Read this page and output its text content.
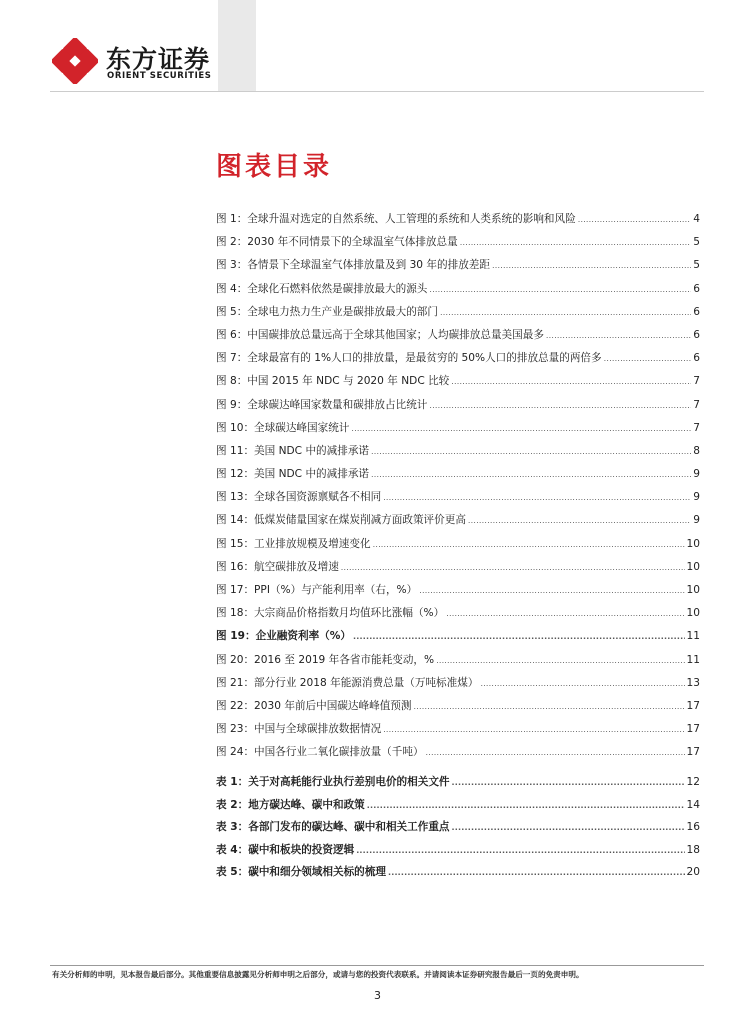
东方证券
ORIENT SECURITIES
图表目录
图 1：全球升温对选定的自然系统、人工管理的系统和人类系统的影响和风险 .....	4
图 2：2030 年不同情景下的全球温室气体排放总量 .....	5
图 3：各情景下全球温室气体排放量及到 30 年的排放差距 .....	5
图 4：全球化石燃料依然是碳排放最大的源头 .....	6
图 5：全球电力热力生产业是碳排放最大的部门 .....	6
图 6：中国碳排放总量远高于全球其他国家；人均碳排放总量美国最多 .....	6
图 7：全球最富有的 1%人口的排放量，是最贫穷的 50%人口的排放总量的两倍多 .....	6
图 8：中国 2015 年 NDC 与 2020 年 NDC 比较 .....	7
图 9：全球碳达峰国家数量和碳排放占比统计 .....	7
图 10：全球碳达峰国家统计 .....	7
图 11：美国 NDC 中的减排承诺 .....	8
图 12：美国 NDC 中的减排承诺 .....	9
图 13：全球各国资源禀赋各不相同 .....	9
图 14：低煤炭储量国家在煤炭削减方面政策评价更高 .....	9
图 15：工业排放规模及增速变化 .....	10
图 16：航空碳排放及增速 .....	10
图 17：PPI（%）与产能利用率（右，%） .....	10
图 18：大宗商品价格指数月均值环比涨幅（%） .....	10
图 19：企业融资利率（%） .....	11
图 20：2016 至 2019 年各省市能耗变动，% .....	11
图 21：部分行业 2018 年能源消费总量（万吨标准煤） .....	13
图 22：2030 年前后中国碳达峰峰值预测 .....	17
图 23：中国与全球碳排放数据情况 .....	17
图 24：中国各行业二氧化碳排放量（千吨） .....	17
表 1：关于对高耗能行业执行差别电价的相关文件 .....	12
表 2：地方碳达峰、碳中和政策 .....	14
表 3：各部门发布的碳达峰、碳中和相关工作重点 .....	16
表 4：碳中和板块的投资逻辑 .....	18
表 5：碳中和细分领域相关标的梳理 .....	20
有关分析师的申明，见本报告最后部分。其他重要信息披露见分析师申明之后部分，或请与您的投资代表联系。并请阅读本证券研究报告最后一页的免责申明。
3
